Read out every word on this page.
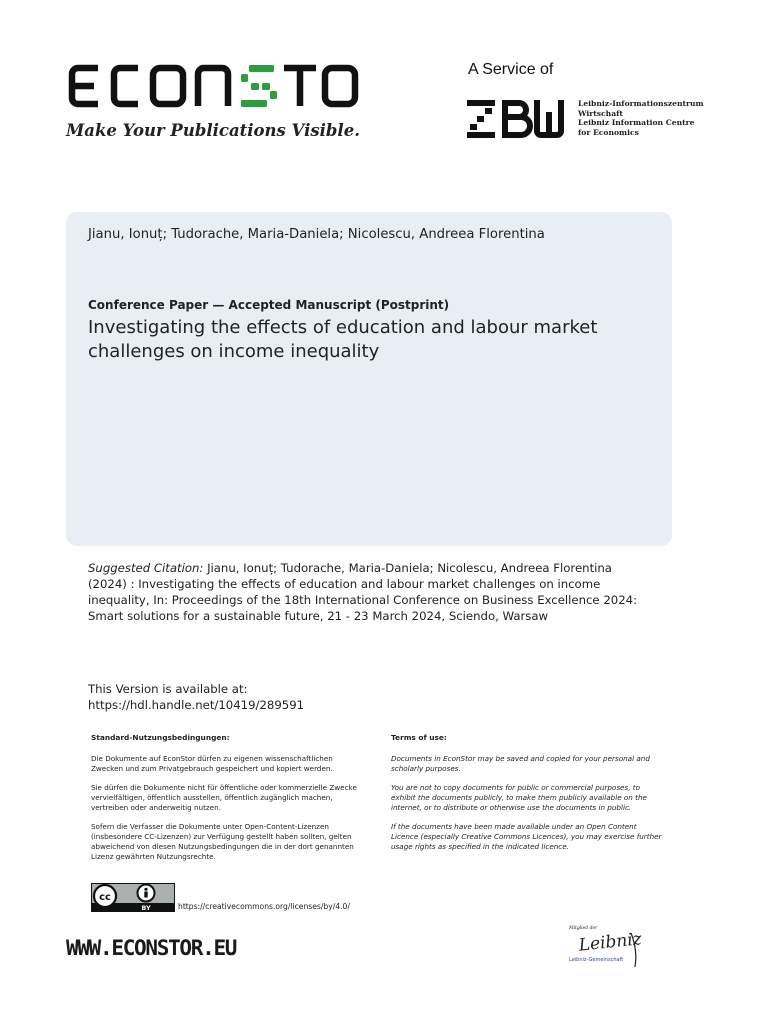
Make Your Publications Visible.
A Service of
Leibniz-Informationszentrum
Wirtschaft
Leibniz Information Centre
for Economics
Jianu, Ionuț; Tudorache, Maria-Daniela; Nicolescu, Andreea Florentina
Conference Paper — Accepted Manuscript (Postprint)
Investigating the effects of education and labour market challenges on income inequality
Suggested Citation: Jianu, Ionuț; Tudorache, Maria-Daniela; Nicolescu, Andreea Florentina (2024) : Investigating the effects of education and labour market challenges on income inequality, In: Proceedings of the 18th International Conference on Business Excellence 2024: Smart solutions for a sustainable future, 21 - 23 March 2024, Sciendo, Warsaw
This Version is available at:
https://hdl.handle.net/10419/289591
Standard-Nutzungsbedingungen:

Die Dokumente auf EconStor dürfen zu eigenen wissenschaftlichen Zwecken und zum Privatgebrauch gespeichert und kopiert werden.

Sie dürfen die Dokumente nicht für öffentliche oder kommerzielle Zwecke vervielfältigen, öffentlich ausstellen, öffentlich zugänglich machen, vertreiben oder anderweitig nutzen.

Sofern die Verfasser die Dokumente unter Open-Content-Lizenzen (insbesondere CC-Lizenzen) zur Verfügung gestellt haben sollten, gelten abweichend von diesen Nutzungsbedingungen die in der dort genannten Lizenz gewährten Nutzungsrechte.

Terms of use:

Documents in EconStor may be saved and copied for your personal and scholarly purposes.

You are not to copy documents for public or commercial purposes, to exhibit the documents publicly, to make them publicly available on the internet, or to distribute or otherwise use the documents in public.

If the documents have been made available under an Open Content Licence (especially Creative Commons Licences), you may exercise further usage rights as specified in the indicated licence.

cc
BY	https://creativecommons.org/licenses/by/4.0/
WWW.ECONSTOR.EU
Mitglied der
Leibniz
Leibniz-Gemeinschaft
